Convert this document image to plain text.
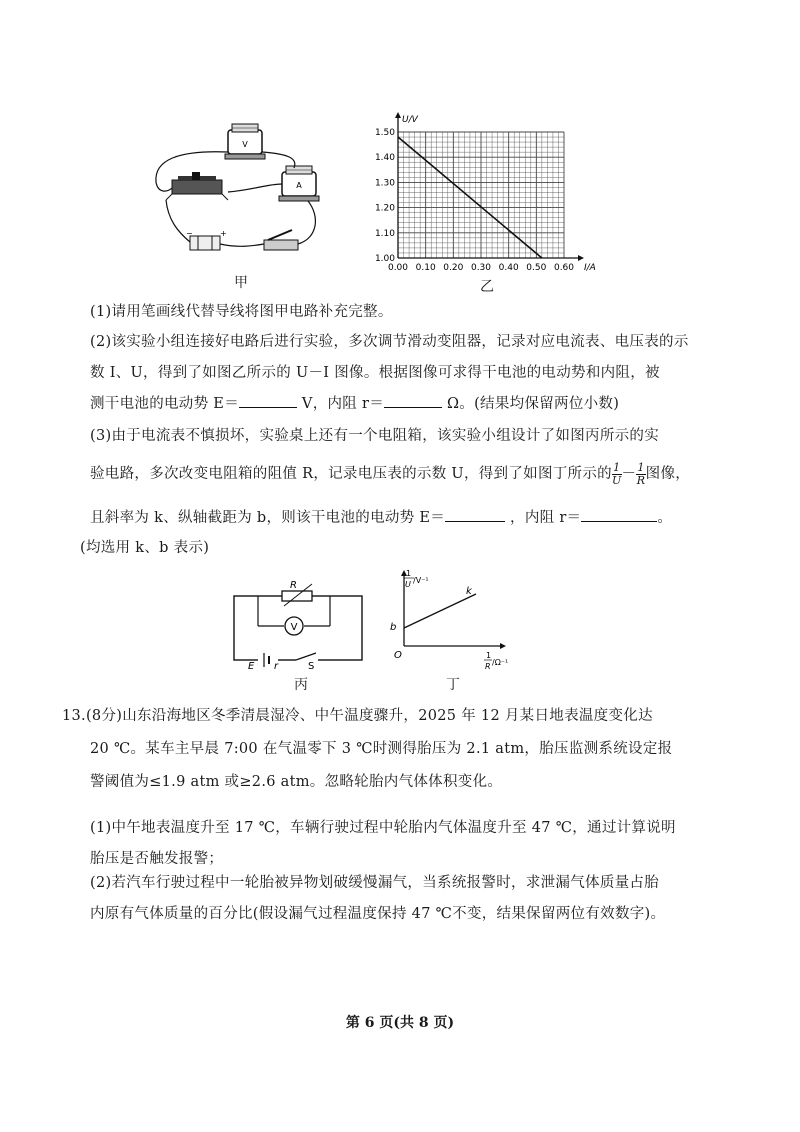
V
A
−	+
甲
1.00
1.10
1.20
1.30
1.40
1.50
0.00 0.10 0.20 0.30 0.40 0.50 0.60 I/A
U/V
乙
(1)请用笔画线代替导线将图甲电路补充完整。
(2)该实验小组连接好电路后进行实验，多次调节滑动变阻器，记录对应电流表、电压表的示
数 I、U，得到了如图乙所示的 U－I 图像。根据图像可求得干电池的电动势和内阻，被
测干电池的电动势 E＝	V，内阻 r＝	Ω。(结果均保留两位小数)
(3)由于电流表不慎损坏，实验桌上还有一个电阻箱，该实验小组设计了如图丙所示的实
验电路，多次改变电阻箱的阻值 R，记录电压表的示数 U，得到了如图丁所示的 $\frac{1}{U} - \frac{1}{R}$ 图像，
且斜率为 k、纵轴截距为 b，则该干电池的电动势 E＝	，内阻 r＝	。
(均选用 k、b 表示)
V
R
E r	S
丙
O
b
k
1
U /V⁻¹
1
R /Ω⁻¹
丁
13.(8分)山东沿海地区冬季清晨湿冷、中午温度骤升，2025 年 12 月某日地表温度变化达
20 ℃。某车主早晨 7:00 在气温零下 3 ℃时测得胎压为 2.1 atm，胎压监测系统设定报
警阈值为≤1.9 atm 或≥2.6 atm。忽略轮胎内气体体积变化。
(1)中午地表温度升至 17 ℃，车辆行驶过程中轮胎内气体温度升至 47 ℃，通过计算说明
胎压是否触发报警；
(2)若汽车行驶过程中一轮胎被异物划破缓慢漏气，当系统报警时，求泄漏气体质量占胎
内原有气体质量的百分比(假设漏气过程温度保持 47 ℃不变，结果保留两位有效数字)。
第 6 页(共 8 页)
